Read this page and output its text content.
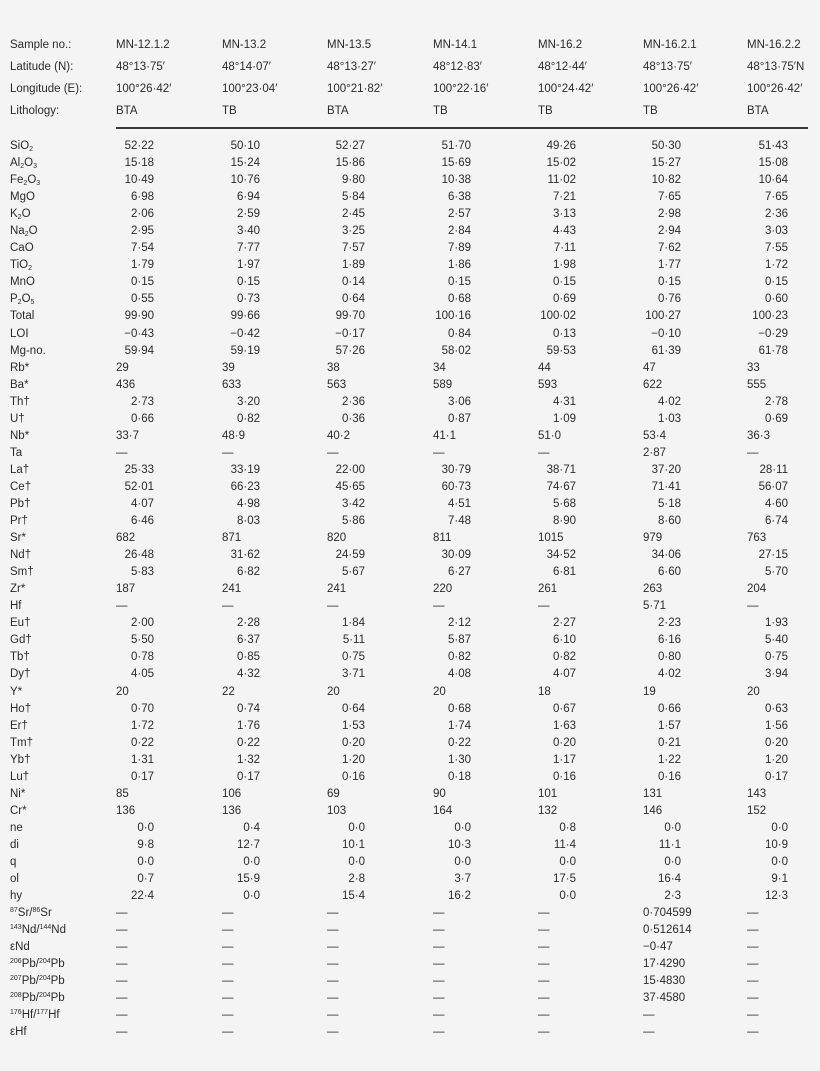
Sample no.:	MN-12.1.2	MN-13.2	MN-13.5	MN-14.1	MN-16.2	MN-16.2.1	MN-16.2.2
Latitude (N):	48°13·75′	48°14·07′	48°13·27′	48°12·83′	48°12·44′	48°13·75′	48°13·75′N
Longitude (E):	100°26·42′	100°23·04′	100°21·82′	100°22·16′	100°24·42′	100°26·42′	100°26·42′
Lithology:	BTA	TB	BTA	TB	TB	TB	BTA
SiO$_2$	52·22	50·10	52·27	51·70	49·26	50·30	51·43
$Al_2O_3$	15·18	15·24	15·86	15·69	15·02	15·27	15·08
$Fe_2O_3$	10·49	10·76	9·80	10·38	11·02	10·82	10·64
MgO	6·98	6·94	5·84	6·38	7·21	7·65	7·65
$K_2O$	2·06	2·59	2·45	2·57	3·13	2·98	2·36
$Na_2O$	2·95	3·40	3·25	2·84	4·43	2·94	3·03
CaO	7·54	7·77	7·57	7·89	7·11	7·62	7·55
TiO$_2$	1·79	1·97	1·89	1·86	1·98	1·77	1·72
MnO	0·15	0·15	0·14	0·15	0·15	0·15	0·15
$P_2O_5$	0·55	0·73	0·64	0·68	0·69	0·76	0·60
Total	99·90	99·66	99·70	100·16	100·02	100·27	100·23
LOI	−0·43	−0·42	−0·17	0·84	0·13	−0·10	−0·29
Mg-no.	59·94	59·19	57·26	58·02	59·53	61·39	61·78
Rb*	29	39	38	34	44	47	33
Ba*	436	633	563	589	593	622	555
Th†	2·73	3·20	2·36	3·06	4·31	4·02	2·78
U†	0·66	0·82	0·36	0·87	1·09	1·03	0·69
Nb*	33·7	48·9	40·2	41·1	51·0	53·4	36·3
Ta	—	—	—	—	—	2·87	—
La†	25·33	33·19	22·00	30·79	38·71	37·20	28·11
Ce†	52·01	66·23	45·65	60·73	74·67	71·41	56·07
Pb†	4·07	4·98	3·42	4·51	5·68	5·18	4·60
Pr†	6·46	8·03	5·86	7·48	8·90	8·60	6·74
Sr*	682	871	820	811	1015	979	763
Nd†	26·48	31·62	24·59	30·09	34·52	34·06	27·15
Sm†	5·83	6·82	5·67	6·27	6·81	6·60	5·70
Zr*	187	241	241	220	261	263	204
Hf	—	—	—	—	—	5·71	—
Eu†	2·00	2·28	1·84	2·12	2·27	2·23	1·93
Gd†	5·50	6·37	5·11	5·87	6·10	6·16	5·40
Tb†	0·78	0·85	0·75	0·82	0·82	0·80	0·75
Dy†	4·05	4·32	3·71	4·08	4·07	4·02	3·94
Y*	20	22	20	20	18	19	20
Ho†	0·70	0·74	0·64	0·68	0·67	0·66	0·63
Er†	1·72	1·76	1·53	1·74	1·63	1·57	1·56
Tm†	0·22	0·22	0·20	0·22	0·20	0·21	0·20
Yb†	1·31	1·32	1·20	1·30	1·17	1·22	1·20
Lu†	0·17	0·17	0·16	0·18	0·16	0·16	0·17
Ni*	85	106	69	90	101	131	143
Cr*	136	136	103	164	132	146	152
ne	0·0	0·4	0·0	0·0	0·8	0·0	0·0
di	9·8	12·7	10·1	10·3	11·4	11·1	10·9
q	0·0	0·0	0·0	0·0	0·0	0·0	0·0
ol	0·7	15·9	2·8	3·7	17·5	16·4	9·1
hy	22·4	0·0	15·4	16·2	0·0	2·3	12·3
$^{87}$Sr/$^{86}$Sr	—	—	—	—	—	0·704599	—
$^{143}$Nd/$^{144}$Nd	—	—	—	—	—	0·512614	—
εNd	—	—	—	—	—	−0·47	—
$^{206}$Pb/$^{204}$Pb	—	—	—	—	—	17·4290	—
$^{207}$Pb/$^{204}$Pb	—	—	—	—	—	15·4830	—
$^{208}$Pb/$^{204}$Pb	—	—	—	—	—	37·4580	—
$^{176}$Hf/$^{177}$Hf	—	—	—	—	—	—	—
εHf	—	—	—	—	—	—	—
